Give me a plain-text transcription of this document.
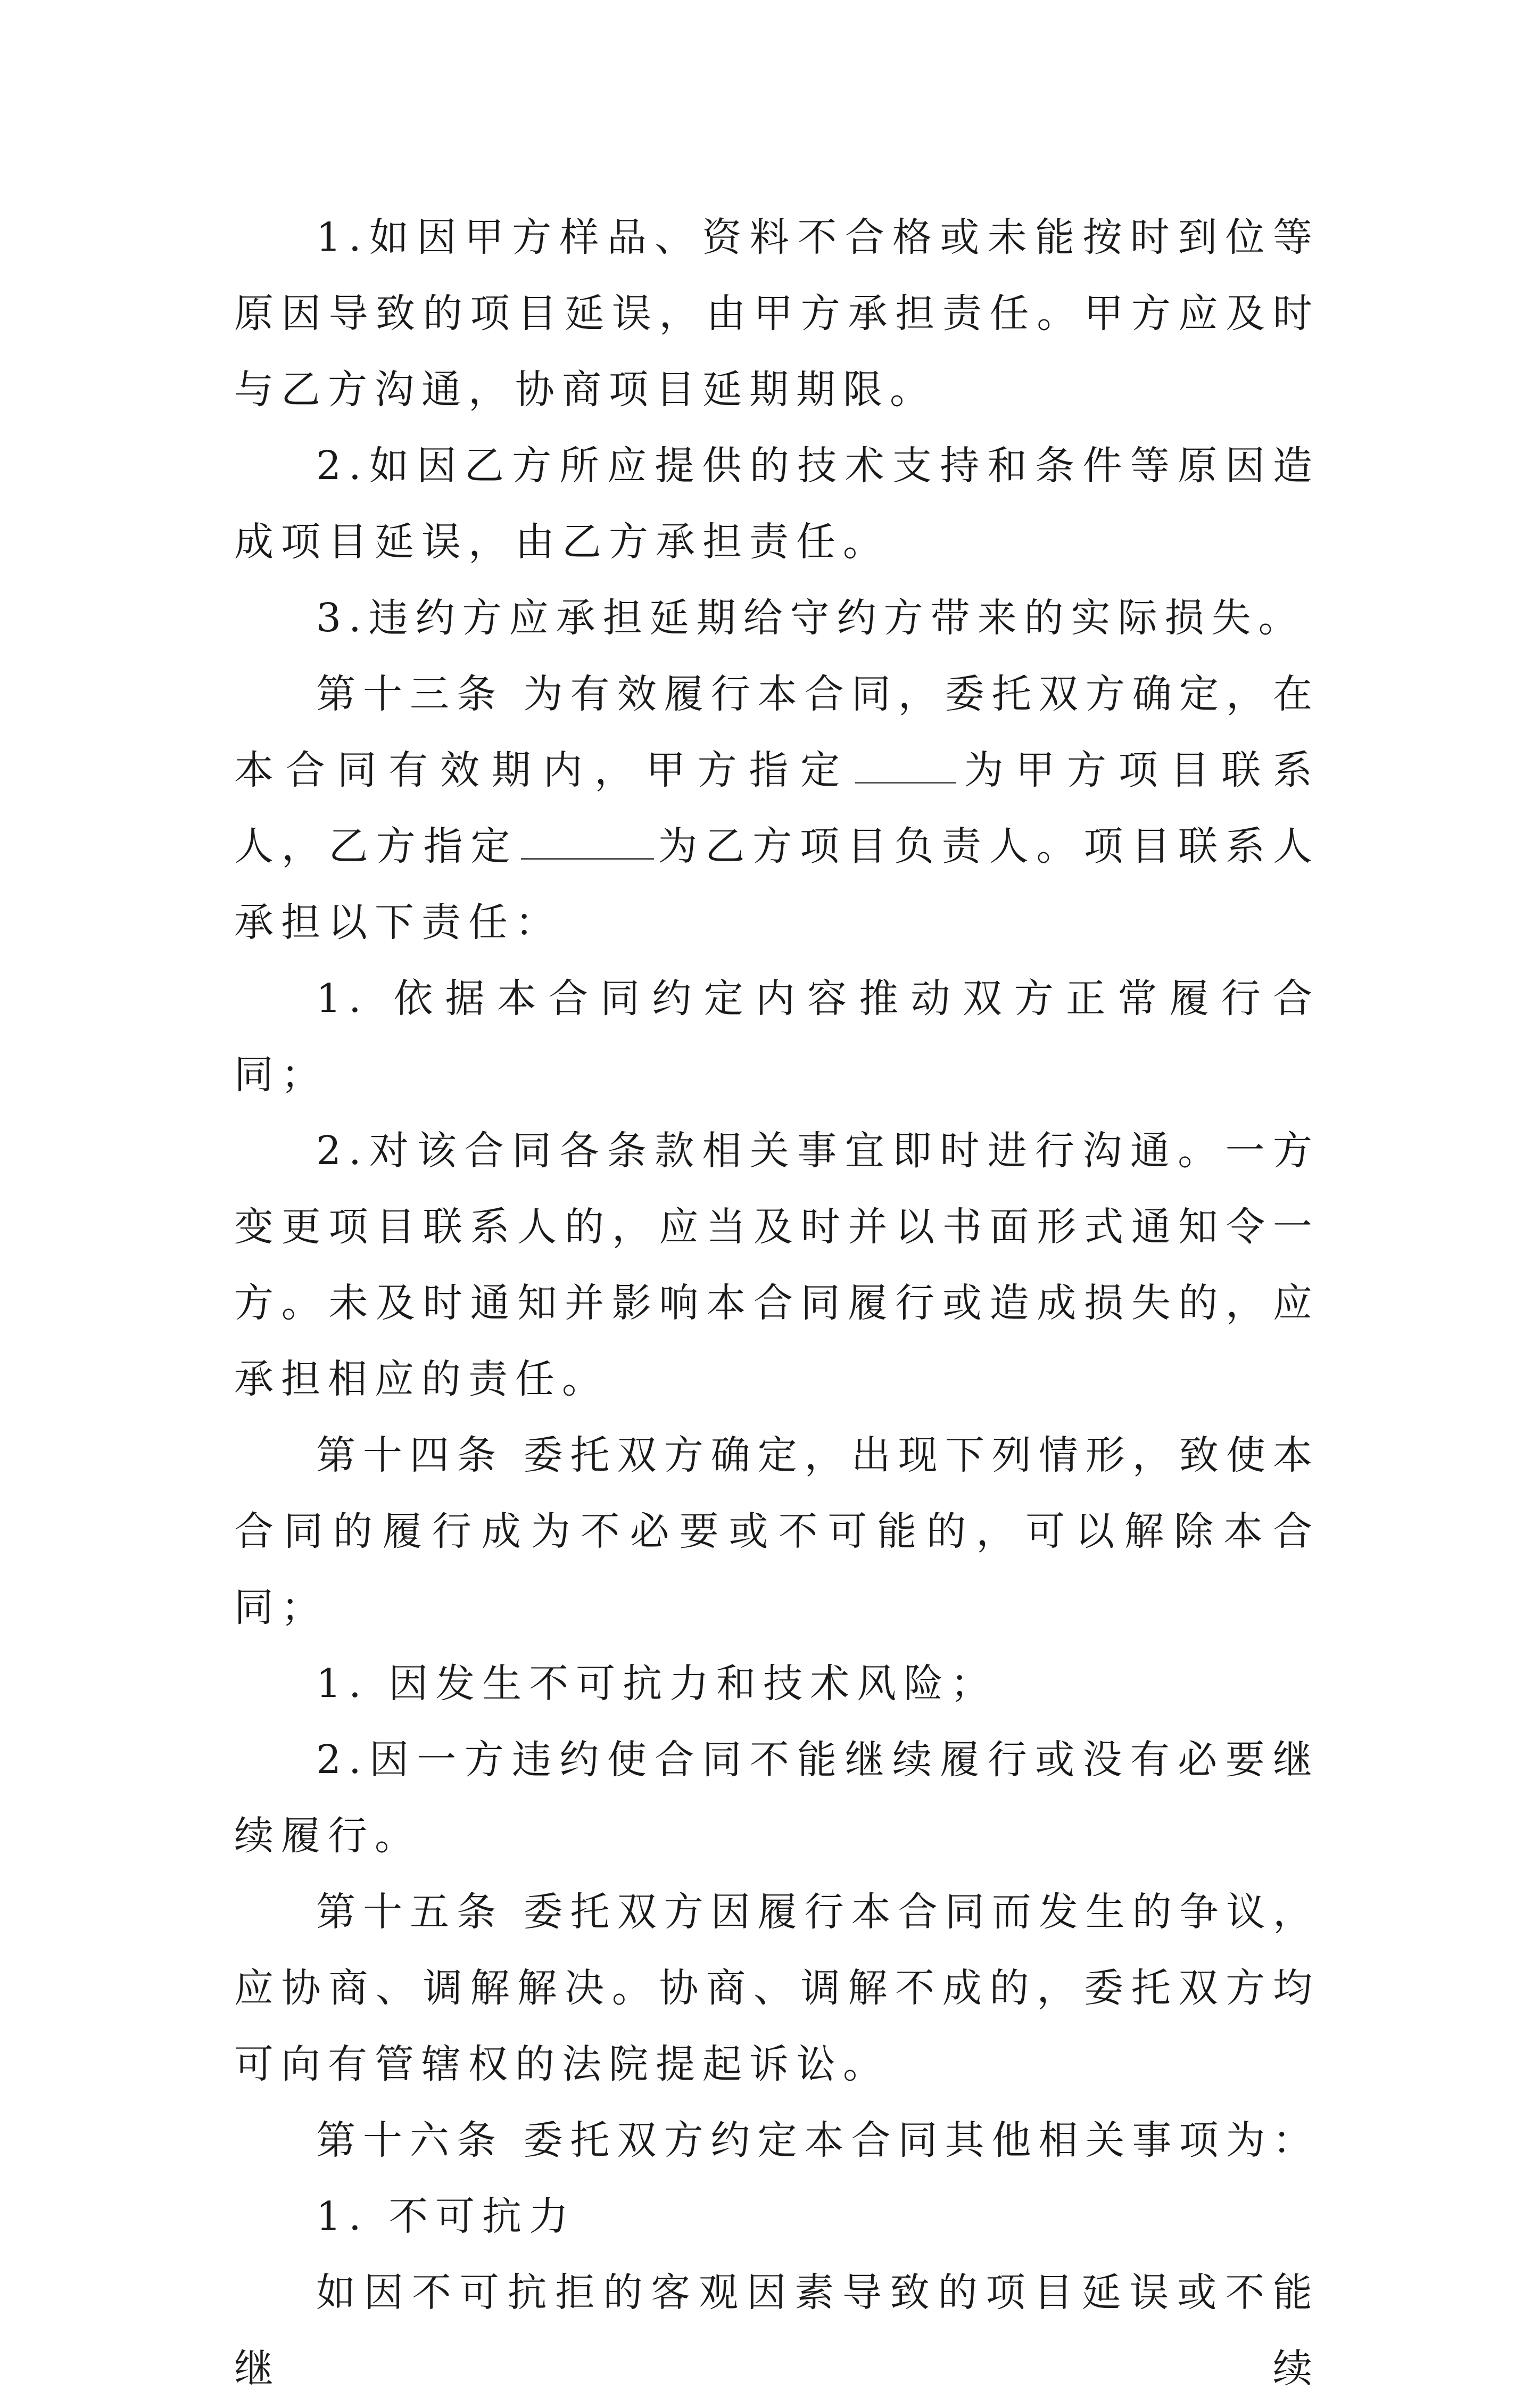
1.如因甲方样品、资料不合格或未能按时到位等原因导致的项目延误，由甲方承担责任。甲方应及时与乙方沟通，协商项目延期期限。

2.如因乙方所应提供的技术支持和条件等原因造成项目延误，由乙方承担责任。

3.违约方应承担延期给守约方带来的实际损失。

第十三条 为有效履行本合同，委托双方确定，在本合同有效期内，甲方指定	为甲方项目联系人，乙方指定	为乙方项目负责人。项目联系人承担以下责任：

1. 依据本合同约定内容推动双方正常履行合同；

2.对该合同各条款相关事宜即时进行沟通。一方变更项目联系人的，应当及时并以书面形式通知令一方。未及时通知并影响本合同履行或造成损失的，应承担相应的责任。

第十四条 委托双方确定，出现下列情形，致使本合同的履行成为不必要或不可能的，可以解除本合同；

1. 因发生不可抗力和技术风险；

2.因一方违约使合同不能继续履行或没有必要继续履行。

第十五条 委托双方因履行本合同而发生的争议，应协商、调解解决。协商、调解不成的，委托双方均可向有管辖权的法院提起诉讼。

第十六条 委托双方约定本合同其他相关事项为：

1. 不可抗力

如因不可抗拒的客观因素导致的项目延误或不能继续
